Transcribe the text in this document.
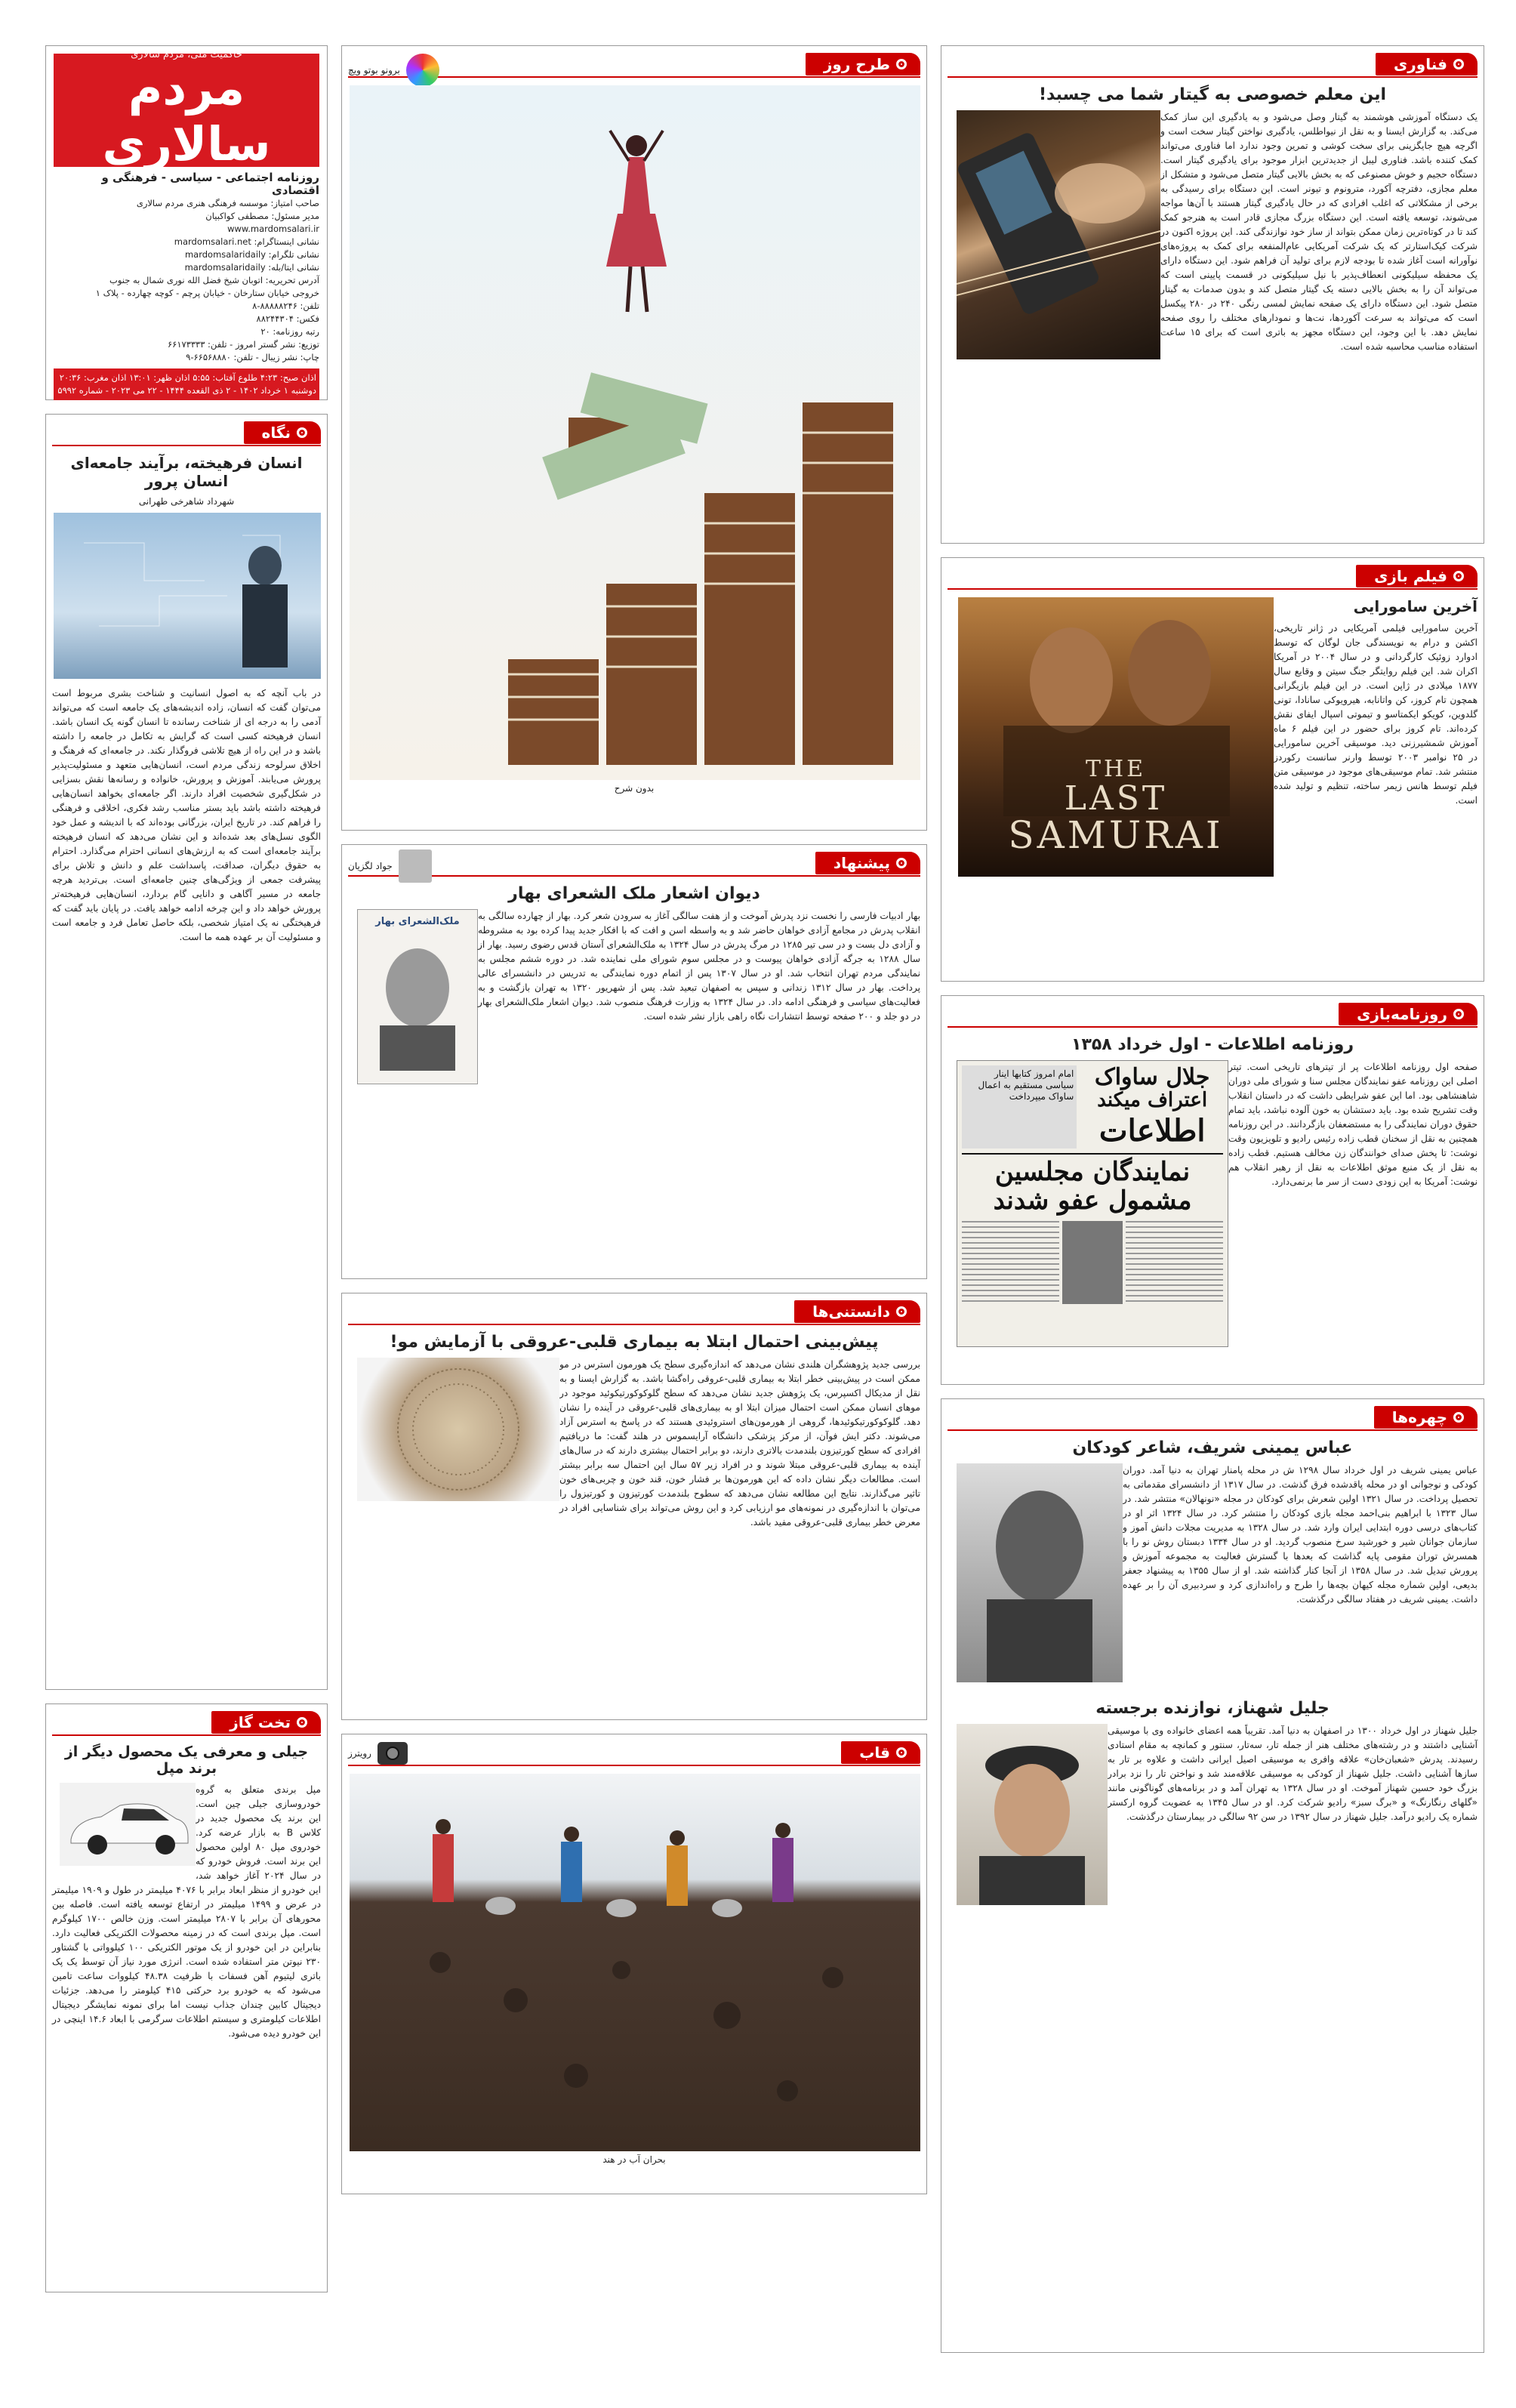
فناوری
این معلم خصوصی به گیتار شما می چسبد!

یک دستگاه آموزشی هوشمند به گیتار وصل می‌شود و به یادگیری این ساز کمک می‌کند. به گزارش ایسنا و به نقل از نیواطلس، یادگیری نواختن گیتار سخت است و اگرچه هیچ جایگزینی برای سخت کوشی و تمرین وجود ندارد اما فناوری می‌تواند کمک کننده باشد. فناوری لیبل از جدیدترین ابزار موجود برای یادگیری گیتار است. دستگاه حجیم و خوش مصنوعی که به بخش بالایی گیتار متصل می‌شود و متشکل از معلم مجازی، دفترچه آکورد، مترونوم و تیونر است. این دستگاه برای رسیدگی به برخی از مشکلاتی که اغلب افرادی که در حال یادگیری گیتار هستند با آن‌ها مواجه می‌شوند، توسعه یافته است. این دستگاه بزرگ مجازی قادر است به هنرجو کمک کند تا در کوتاه‌ترین زمان ممکن بتواند از ساز خود نوازندگی کند. این پروژه اکنون در شرکت کیک‌استارتر که یک شرکت آمریکایی عام‌المنفعه برای کمک به پروژه‌های نوآورانه است آغاز شده تا بودجه لازم برای تولید آن فراهم شود. این دستگاه دارای یک محفظه سیلیکونی انعطاف‌پذیر با نیل سیلیکونی در قسمت پایینی است که می‌تواند آن را به بخش بالایی دسته یک گیتار متصل کند و بدون صدمات به گیتار متصل شود. این دستگاه دارای یک صفحه نمایش لمسی رنگی ۲۴۰ در ۲۸۰ پیکسل است که می‌تواند به سرعت آکوردها، نت‌ها و نمودارهای مختلف را روی صفحه نمایش دهد. با این وجود، این دستگاه مجهز به باتری است که برای ۱۵ ساعت استفاده مناسب محاسبه شده است.

فیلم بازی
THE
LAST
SAMURAI
آخرین سامورایی

آخرین سامورایی فیلمی آمریکایی در ژانر تاریخی، اکشن و درام به نویسندگی جان لوگان که توسط ادوارد زوئیک کارگردانی و در سال ۲۰۰۴ در آمریکا اکران شد. این فیلم روایتگر جنگ سیتن و وقایع سال ۱۸۷۷ میلادی در ژاپن است. در این فیلم بازیگرانی همچون تام کروز، کن واتانابه، هیرویوکی سانادا، تونی گلدوین، کویکو ایکمتاسو و تیموتی اسپال ایفای نقش کرده‌اند. تام کروز برای حضور در این فیلم ۶ ماه آموزش شمشیرزنی دید. موسیقی آخرین سامورایی در ۲۵ نوامبر ۲۰۰۳ توسط وارنر سانست رکوردز منتشر شد. تمام موسیقی‌های موجود در موسیقی متن فیلم توسط هانس زیمر ساخته، تنظیم و تولید شده است.

روزنامه‌بازی
روزنامه اطلاعات - اول خرداد ۱۳۵۸
جلال ساواک
اعتراف میکند
اطلاعات
امام امروز کتابها اینار سیاسی مستقیم به اعمال ساواک میپرداخت
نمایندگان مجلسین
مشمول عفو شدند

صفحه اول روزنامه اطلاعات پر از تیترهای تاریخی است. تیتر اصلی این روزنامه عفو نمایندگان مجلس سنا و شورای ملی دوران شاهنشاهی بود. اما این عفو شرایطی داشت که در داستان انقلاب وقت تشریح شده بود. باید دستشان به خون آلوده نباشد، باید تمام حقوق دوران نمایندگی را به مستضعفان بازگردانند. در این روزنامه همچنین به نقل از سخنان قطب زاده رئیس رادیو و تلویزیون وقت نوشت: تا پخش صدای خوانندگان زن مخالف هستیم. قطب زاده به نقل از یک منبع موثق اطلاعات به نقل از رهبر انقلاب هم نوشت: آمریکا به این زودی دست از سر ما برنمی‌دارد.

چهره‌ها
عباس یمینی شریف، شاعر کودکان

عباس یمینی شریف در اول خرداد سال ۱۲۹۸ ش در محله پامنار تهران به دنیا آمد. دوران کودکی و نوجوانی او در محله پاقدشده فرق گذشت. در سال ۱۳۱۷ از دانشسرای مقدماتی به تحصیل پرداخت. در سال ۱۳۲۱ اولین شعرش برای کودکان در مجله «نونهالان» منتشر شد. در سال ۱۳۲۳ با ابراهیم بنی‌احمد مجله بازی کودکان را منتشر کرد. در سال ۱۳۲۴ اثر او در کتاب‌های درسی دوره ابتدایی ایران وارد شد. در سال ۱۳۲۸ به مدیریت مجلات دانش آموز و سازمان جوانان شیر و خورشید سرخ منصوب گردید. او در سال ۱۳۳۴ دبستان روش نو را با همسرش توران مقومی پایه گذاشت که بعدها با گسترش فعالیت به مجموعه آموزش و پرورش تبدیل شد. در سال ۱۳۵۸ از آنجا کنار گذاشته شد. او از سال ۱۳۵۵ به پیشنهاد جعفر بدیعی، اولین شماره مجله کیهان بچه‌ها را طرح و راه‌اندازی کرد و سردبیری آن را بر عهده داشت. یمینی شریف در هفتاد سالگی درگذشت.

جلیل شهناز، نوازنده برجسته

جلیل شهناز در اول خرداد ۱۳۰۰ در اصفهان به دنیا آمد. تقریباً همه اعضای خانواده وی با موسیقی آشنایی داشتند و در رشته‌های مختلف هنر از جمله تار، سه‌تار، سنتور و کمانچه به مقام استادی رسیدند. پدرش «شعبان‌خان» علاقه وافری به موسیقی اصیل ایرانی داشت و علاوه بر تار به سازها آشنایی داشت. جلیل شهناز از کودکی به موسیقی علاقه‌مند شد و نواختن تار را نزد برادر بزرگ خود حسین شهناز آموخت. او در سال ۱۳۲۸ به تهران آمد و در برنامه‌های گوناگونی مانند «گلهای رنگارنگ» و «برگ سبز» رادیو شرکت کرد. او در سال ۱۳۴۵ به عضویت گروه ارکستر شماره یک رادیو درآمد. جلیل شهناز در سال ۱۳۹۲ در سن ۹۲ سالگی در بیمارستان درگذشت.

طرح روز
برونو بوتو ویچ
بدون شرح
پیشنهاد
جواد لگزیان
دیوان اشعار ملک الشعرای بهار
ملک‌الشعرای بهار	بهار ادبیات فارسی را نخست نزد پدرش آموخت و از هفت سالگی آغاز به سرودن شعر کرد. بهار از چهارده سالگی به انقلاب پدرش در مجامع آزادی خواهان حاضر شد و به واسطه اسن و افت که با افکار جدید پیدا کرده بود به مشروطه و آزادی دل بست و در سی تیر ۱۲۸۵ در مرگ پدرش در سال ۱۳۲۴ به ملک‌الشعرای آستان قدس رضوی رسید. بهار از سال ۱۲۸۸ به جرگه آزادی خواهان پیوست و در مجلس سوم شورای ملی نماینده شد. در دوره ششم مجلس به نمایندگی مردم تهران انتخاب شد. او در سال ۱۳۰۷ پس از اتمام دوره نمایندگی به تدریس در دانشسرای عالی پرداخت. بهار در سال ۱۳۱۲ زندانی و سپس به اصفهان تبعید شد. پس از شهریور ۱۳۲۰ به تهران بازگشت و به فعالیت‌های سیاسی و فرهنگی ادامه داد. در سال ۱۳۲۴ به وزارت فرهنگ منصوب شد. دیوان اشعار ملک‌الشعرای بهار در دو جلد و ۲۰۰ صفحه توسط انتشارات نگاه راهی بازار نشر شده است.

دانستنی‌ها
پیش‌بینی احتمال ابتلا به بیماری قلبی-عروقی با آزمایش مو!

بررسی جدید پژوهشگران هلندی نشان می‌دهد که اندازه‌گیری سطح یک هورمون استرس در مو ممکن است در پیش‌بینی خطر ابتلا به بیماری قلبی-عروقی راه‌گشا باشد. به گزارش ایسنا و به نقل از مدیکال اکسپرس، یک پژوهش جدید نشان می‌دهد که سطح گلوکوکورتیکوئید موجود در موهای انسان ممکن است احتمال میزان ابتلا او به بیماری‌های قلبی-عروقی در آینده را نشان دهد. گلوکوکورتیکوئیدها، گروهی از هورمون‌های استروئیدی هستند که در پاسخ به استرس آزاد می‌شوند. دکتر ایش فوآن، از مرکز پزشکی دانشگاه آرایسموس در هلند گفت: ما دریافتیم افرادی که سطح کورتیزون بلندمدت بالاتری دارند، دو برابر احتمال بیشتری دارند که در سال‌های آینده به بیماری قلبی-عروقی مبتلا شوند و در افراد زیر ۵۷ سال این احتمال سه برابر بیشتر است. مطالعات دیگر نشان داده که این هورمون‌ها بر فشار خون، قند خون و چربی‌های خون تاثیر می‌گذارند. نتایج این مطالعه نشان می‌دهد که سطوح بلندمدت کورتیزون و کورتیزول را می‌توان با اندازه‌گیری در نمونه‌های مو ارزیابی کرد و این روش می‌تواند برای شناسایی افراد در معرض خطر بیماری قلبی-عروقی مفید باشد.

قاب
رویترز
بحران آب در هند
حاکمیت ملی، مردم سالاری
مردم سالاری
روزنامه اجتماعی - سیاسی - فرهنگی و اقتصادی
صاحب امتیاز: موسسه فرهنگی هنری مردم سالاری
مدیر مسئول: مصطفی کواکبیان
www.mardomsalari.ir
نشانی اینستاگرام: mardomsalari.net
نشانی تلگرام: mardomsalaridaily
نشانی ایتا/بله: mardomsalaridaily
آدرس تحریریه: اتوبان شیخ فضل الله نوری شمال به جنوب
خروجی خیابان ستارخان - خیابان پرچم - کوچه چهارده - پلاک ۱
تلفن: ۸۸۸۸۸۲۴۶-۸
فکس: ۸۸۲۴۴۳۰۴
رتبه روزنامه: ۲۰
توزیع: نشر گستر امروز - تلفن: ۶۶۱۷۳۳۳۳
چاپ: نشر زیبال - تلفن: ۶۶۵۶۸۸۸۰-۹
اذان صبح: ۴:۲۳ طلوع آفتاب: ۵:۵۵ اذان ظهر: ۱۳:۰۱ اذان مغرب: ۲۰:۳۶
دوشنبه ۱ خرداد ۱۴۰۲ - ۲ ذی القعده ۱۴۴۴ - ۲۲ می ۲۰۲۳ - شماره ۵۹۹۲
نگاه
انسان فرهیخته، برآیند جامعه‌ای انسان پرور
شهرداد شاهرخی طهرانی

در باب آنچه که به اصول انسانیت و شناخت بشری مربوط است می‌توان گفت که انسان، زاده اندیشه‌های یک جامعه است که می‌تواند آدمی را به درجه ای از شناخت رسانده تا انسان گونه یک انسان باشد. انسان فرهیخته کسی است که گرایش به تکامل در جامعه را داشته باشد و در این راه از هیچ تلاشی فروگذار نکند. در جامعه‌ای که فرهنگ و اخلاق سرلوحه زندگی مردم است، انسان‌هایی متعهد و مسئولیت‌پذیر پرورش می‌یابند. آموزش و پرورش، خانواده و رسانه‌ها نقش بسزایی در شکل‌گیری شخصیت افراد دارند. اگر جامعه‌ای بخواهد انسان‌هایی فرهیخته داشته باشد باید بستر مناسب رشد فکری، اخلاقی و فرهنگی را فراهم کند. در تاریخ ایران، بزرگانی بوده‌اند که با اندیشه و عمل خود الگوی نسل‌های بعد شده‌اند و این نشان می‌دهد که انسان فرهیخته برآیند جامعه‌ای است که به ارزش‌های انسانی احترام می‌گذارد. احترام به حقوق دیگران، صداقت، پاسداشت علم و دانش و تلاش برای پیشرفت جمعی از ویژگی‌های چنین جامعه‌ای است. بی‌تردید هرچه جامعه در مسیر آگاهی و دانایی گام بردارد، انسان‌هایی فرهیخته‌تر پرورش خواهد داد و این چرخه ادامه خواهد یافت. در پایان باید گفت که فرهیختگی نه یک امتیاز شخصی، بلکه حاصل تعامل فرد و جامعه است و مسئولیت آن بر عهده همه ما است.

تخت گاز
جیلی و معرفی یک محصول دیگر از برند مپل

مپل برندی متعلق به گروه خودروسازی جیلی چین است. این برند یک محصول جدید در کلاس B به بازار عرضه کرد. خودروی مپل ۸۰ اولین محصول این برند است. فروش خودرو که در سال ۲۰۲۴ آغاز خواهد شد، این خودرو از منظر ابعاد برابر با ۴۰۷۶ میلیمتر در طول و ۱۹۰۹ میلیمتر در عرض و ۱۴۹۹ میلیمتر در ارتفاع توسعه یافته است. فاصله بین محورهای آن برابر با ۲۸۰۷ میلیمتر است. وزن خالص ۱۷۰۰ کیلوگرم است. مپل برندی است که در زمینه محصولات الکتریکی فعالیت دارد. بنابراین در این خودرو از یک موتور الکتریکی ۱۰۰ کیلوواتی با گشتاور ۲۳۰ نیوتن متر استفاده شده است. انرژی مورد نیاز آن توسط یک پک باتری لیتیوم آهن فسفات با ظرفیت ۴۸.۳۸ کیلووات ساعت تامین می‌شود که به خودرو برد حرکتی ۴۱۵ کیلومتر را می‌دهد. جزئیات دیجیتال کابین چندان جذاب نیست اما برای نمونه نمایشگر دیجیتال اطلاعات کیلومتری و سیستم اطلاعات سرگرمی با ابعاد ۱۴.۶ اینچی در این خودرو دیده می‌شود.
